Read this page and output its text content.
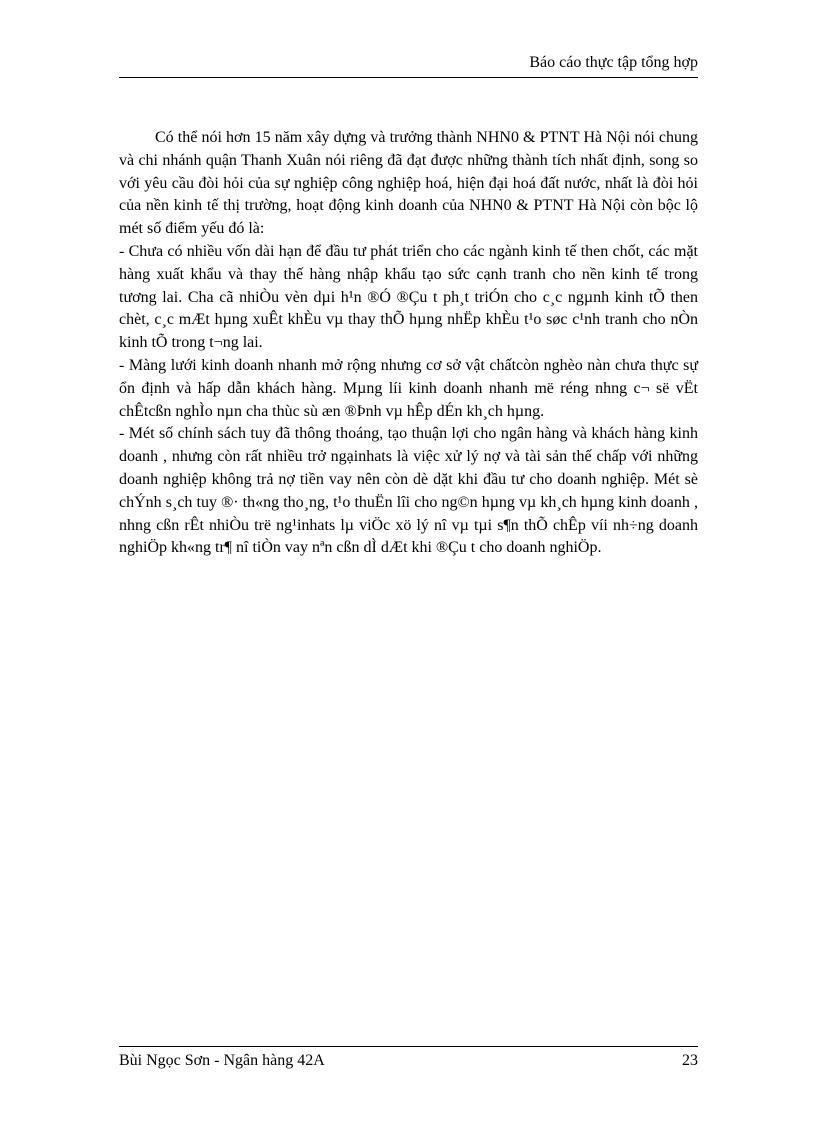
Báo cáo thực tập tổng hợp

Có thể nói hơn 15 năm xây dựng và trưởng thành NHN0 & PTNT Hà Nội nói chung và chi nhánh quận Thanh Xuân nói riêng đã đạt được những thành tích nhất định, song so với yêu cầu đòi hỏi của sự nghiệp công nghiệp hoá, hiện đại hoá đất nước, nhất là đòi hỏi của nền kinh tế thị trường, hoạt động kinh doanh của NHN0 & PTNT Hà Nội còn bộc lộ mét số điểm yếu đó là:

- Chưa có nhiều vốn dài hạn để đầu tư phát triển cho các ngành kinh tế then chốt, các mặt hàng xuất khẩu và thay thế hàng nhập khẩu tạo sức cạnh tranh cho nền kinh tế trong tương lai. Cha cã nhiÒu vèn dµi h¹n ®Ó ®Çu t ph¸t triÓn cho c¸c ngµnh kinh tÕ then chèt, c¸c mÆt hµng xuÊt khÈu vµ thay thÕ hµng nhËp khÈu t¹o søc c¹nh tranh cho nÒn kinh tÕ trong t¬ng lai.

- Màng lưới kinh doanh nhanh mở rộng nhưng cơ sở vật chấtcòn nghèo nàn chưa thực sự ổn định và hấp dẫn khách hàng. Mµng líi kinh doanh nhanh më réng nhng c¬ së vËt chÊtcßn nghÌo nµn cha thùc sù æn ®Þnh vµ hÊp dÉn kh¸ch hµng.

- Mét số chính sách tuy đã thông thoáng, tạo thuận lợi cho ngân hàng và khách hàng kinh doanh , nhưng còn rất nhiều trở ngạinhats là việc xử lý nợ và tài sản thế chấp với những doanh nghiệp không trả nợ tiền vay nên còn dè dặt khi đầu tư cho doanh nghiệp. Mét sè chÝnh s¸ch tuy ®· th«ng tho¸ng, t¹o thuËn lîi cho ng©n hµng vµ kh¸ch hµng kinh doanh , nhng cßn rÊt nhiÒu trë ng¹inhats lµ viÖc xö lý nî vµ tµi s¶n thÕ chÊp víi nh÷ng doanh nghiÖp kh«ng tr¶ nî tiÒn vay nªn cßn dÌ dÆt khi ®Çu t cho doanh nghiÖp.

Bùi Ngọc Sơn - Ngân hàng 42A	23
